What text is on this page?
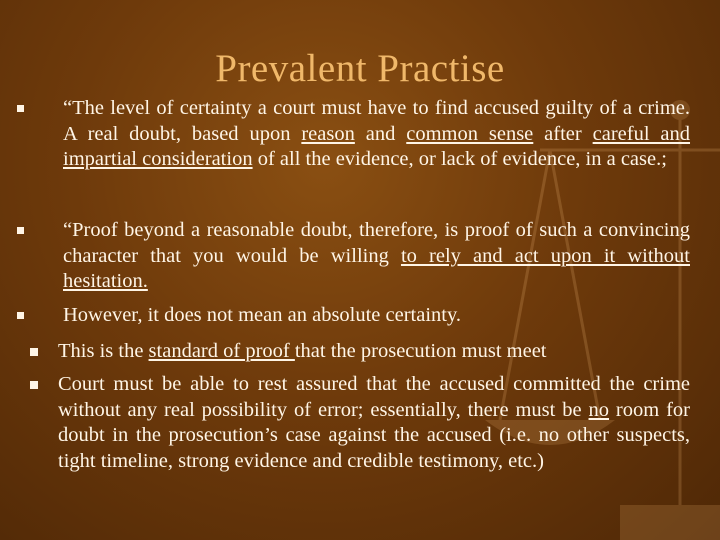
Prevalent Practise
“The level of certainty a court must have to find accused guilty of a crime. A real doubt, based upon reason and common sense after careful and impartial consideration of all the evidence, or lack of evidence, in a case.;
“Proof beyond a reasonable doubt, therefore, is proof of such a convincing character that you would be willing to rely and act upon it without hesitation.
However, it does not mean an absolute certainty.
This is the standard of proof that the prosecution must meet
Court must be able to rest assured that the accused committed the crime without any real possibility of error; essentially, there must be no room for doubt in the prosecution’s case against the accused (i.e. no other suspects, tight timeline, strong evidence and credible testimony, etc.)
